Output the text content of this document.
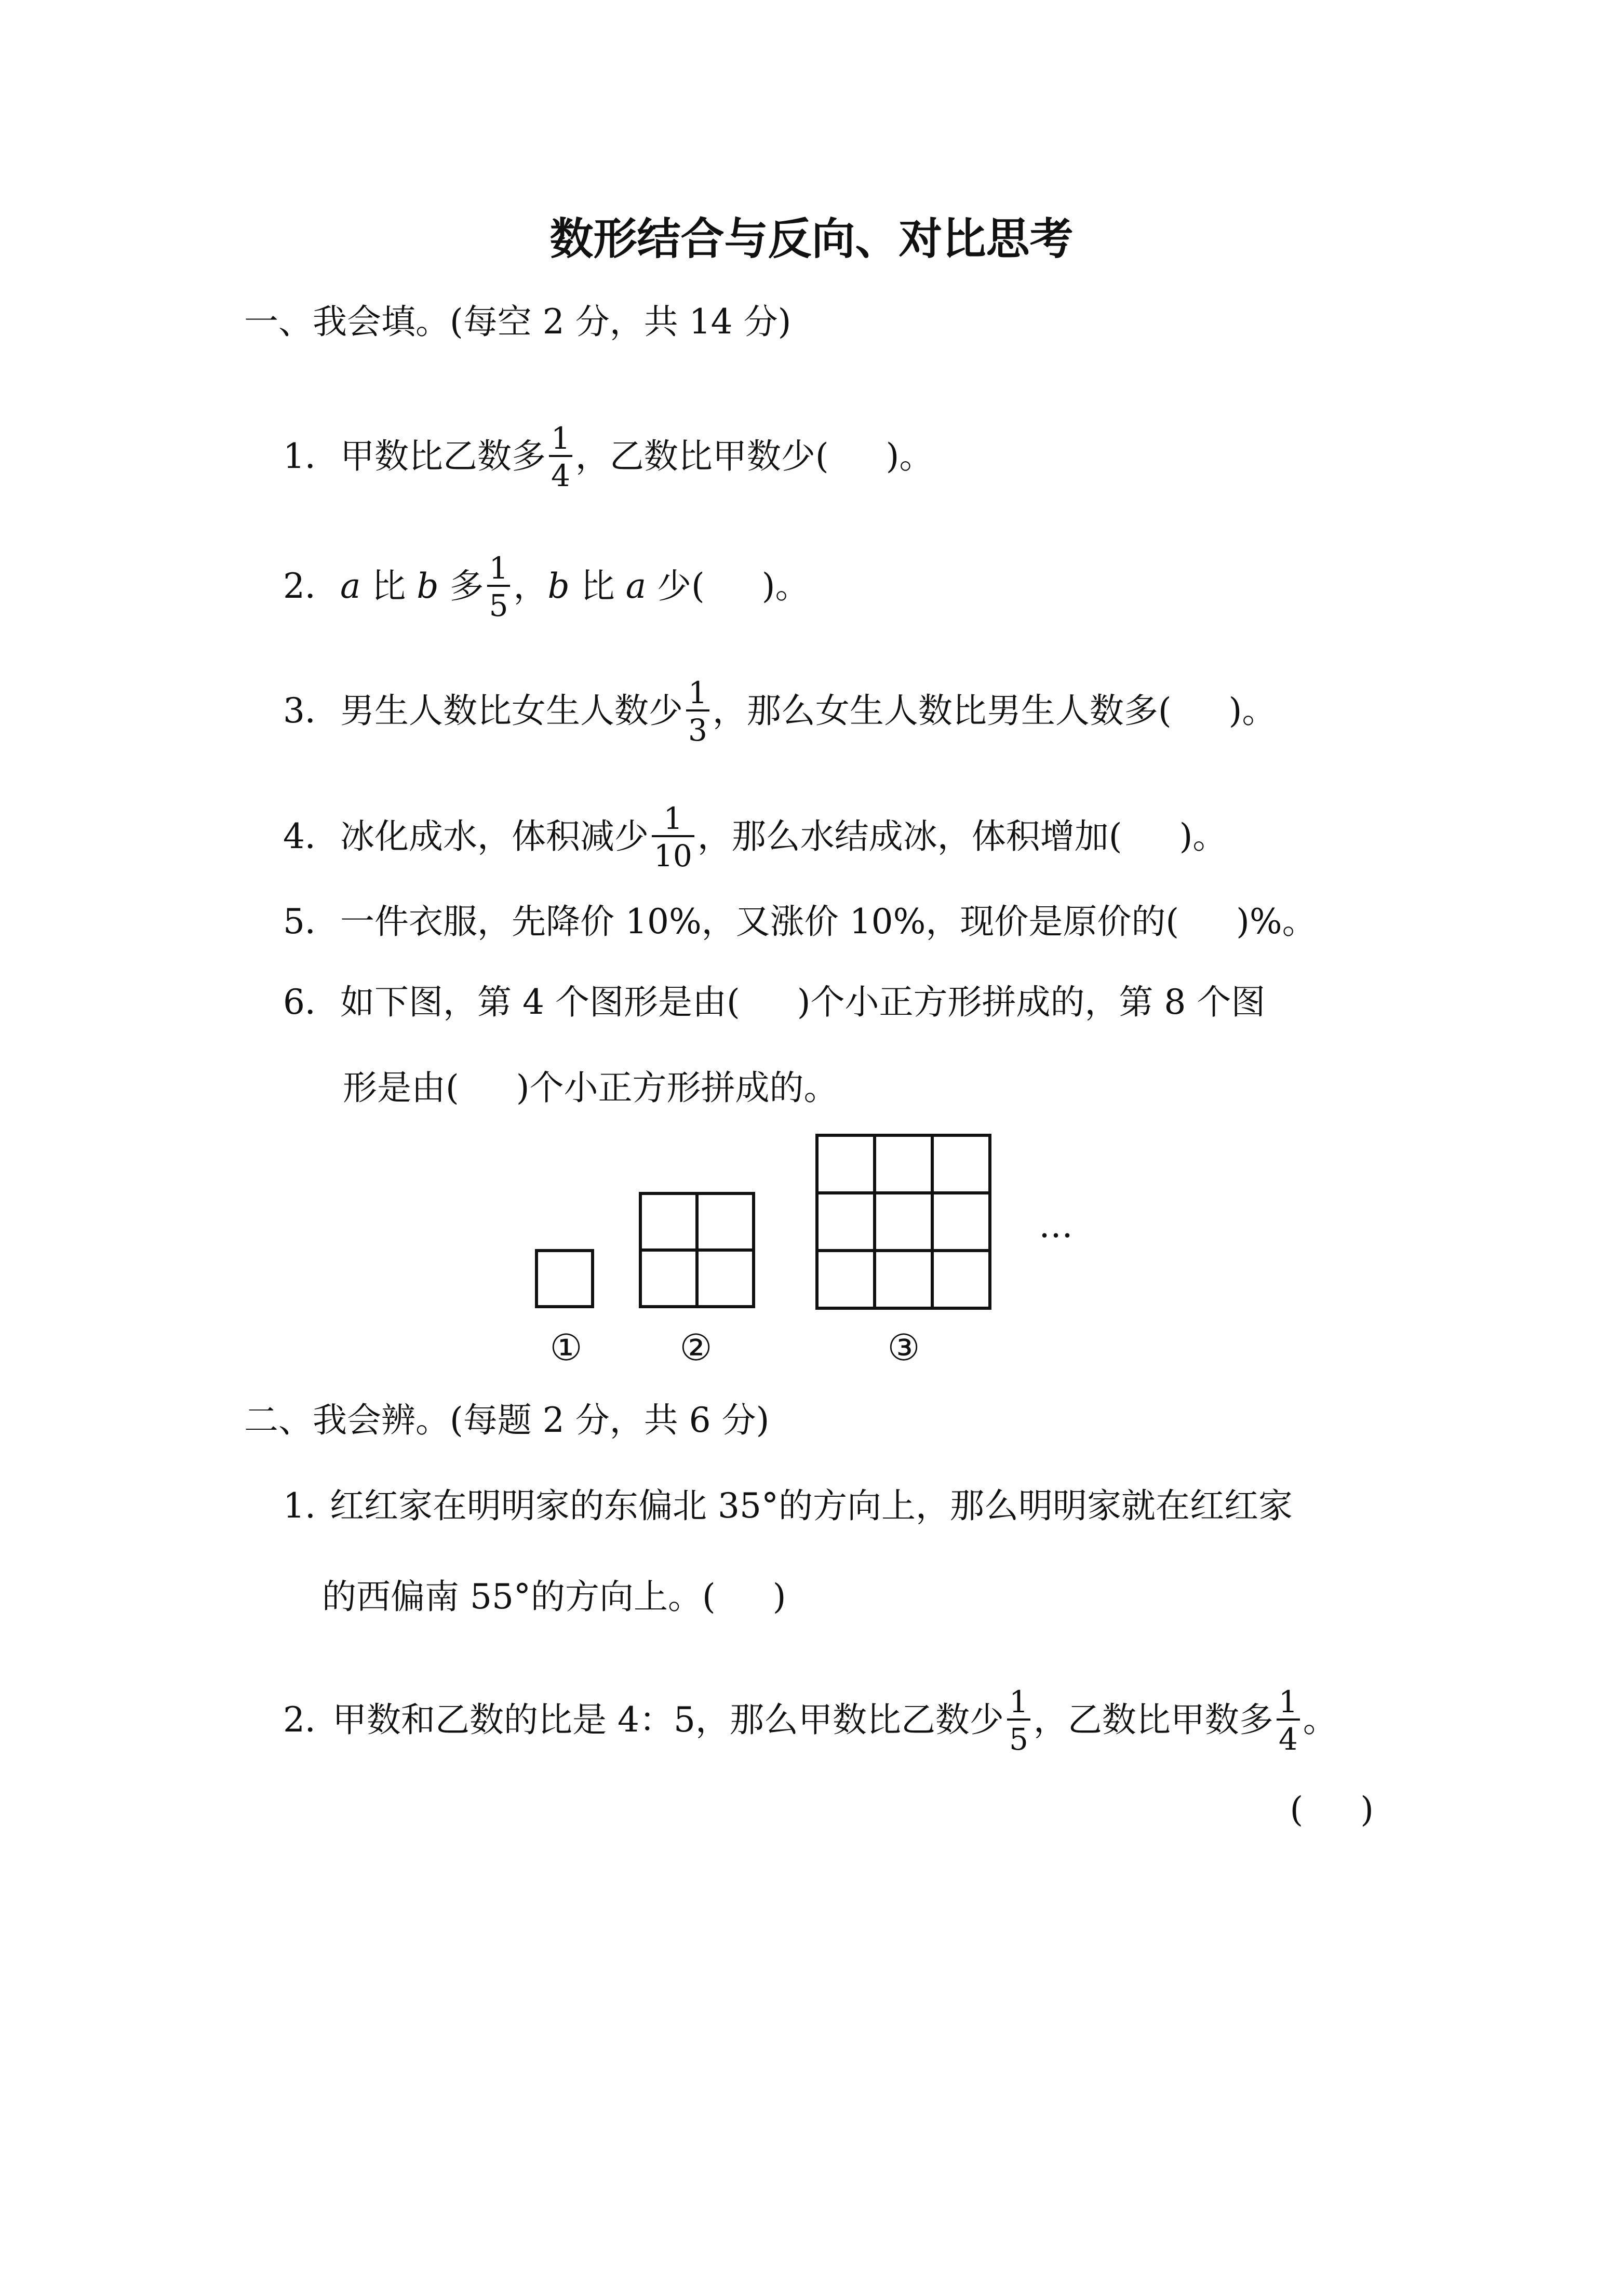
数形结合与反向、对比思考
一、我会填。(每空 2 分，共 14 分)
1．甲数比乙数多 $\frac{1}{4}$ ，乙数比甲数少( )。
2．a 比 b 多 $\frac{1}{5}$ ，b 比 a 少( )。
3．男生人数比女生人数少 $\frac{1}{3}$ ，那么女生人数比男生人数多( )。
4．冰化成水，体积减少 $\frac{1}{10}$ ，那么水结成冰，体积增加( )。
5．一件衣服，先降价 10%，又涨价 10%，现价是原价的( )%。
6．如下图，第 4 个图形是由( )个小正方形拼成的，第 8 个图
形是由( )个小正方形拼成的。
…
①	②	③
二、我会辨。(每题 2 分，共 6 分)
1. 红红家在明明家的东偏北 35°的方向上，那么明明家就在红红家
的西偏南 55°的方向上。( )
2．甲数和乙数的比是 4：5，那么甲数比乙数少 $\frac{1}{5}$ ，乙数比甲数多 $\frac{1}{4}$ 。
( )
